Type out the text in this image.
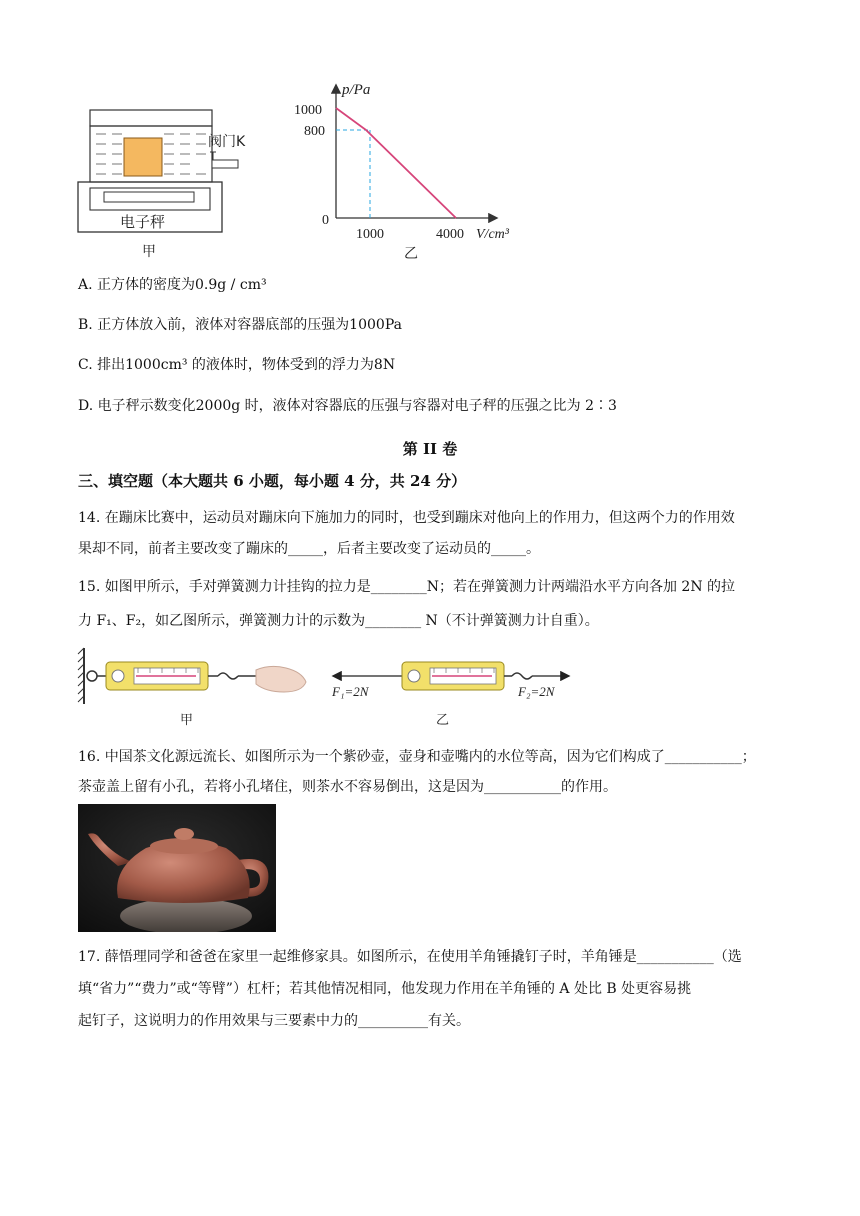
阀门K
电子秤
甲
p/Pa
1000
800
0
1000	4000 V/cm³
乙
A. 正方体的密度为0.9g / cm³
B. 正方体放入前，液体对容器底部的压强为1000Pa
C. 排出1000cm³ 的液体时，物体受到的浮力为8N
D. 电子秤示数变化2000g 时，液体对容器底的压强与容器对电子秤的压强之比为 2∶3
第 II 卷
三、填空题（本大题共 6 小题，每小题 4 分，共 24 分）
14. 在蹦床比赛中，运动员对蹦床向下施加力的同时，也受到蹦床对他向上的作用力，但这两个力的作用效
果却不同，前者主要改变了蹦床的_____，后者主要改变了运动员的_____。
15. 如图甲所示，手对弹簧测力计挂钩的拉力是________N；若在弹簧测力计两端沿水平方向各加 2N 的拉
力 F₁、F₂，如乙图所示，弹簧测力计的示数为________ N（不计弹簧测力计自重）。
甲
F₁=2N	F₂=2N
乙
16. 中国茶文化源远流长、如图所示为一个紫砂壶，壶身和壶嘴内的水位等高，因为它们构成了___________；
茶壶盖上留有小孔，若将小孔堵住，则茶水不容易倒出，这是因为___________的作用。
17. 薛悟理同学和爸爸在家里一起维修家具。如图所示，在使用羊角锤撬钉子时，羊角锤是___________（选
填“省力”“费力”或“等臂”）杠杆；若其他情况相同，他发现力作用在羊角锤的 A 处比 B 处更容易挑
起钉子，这说明力的作用效果与三要素中力的__________有关。
